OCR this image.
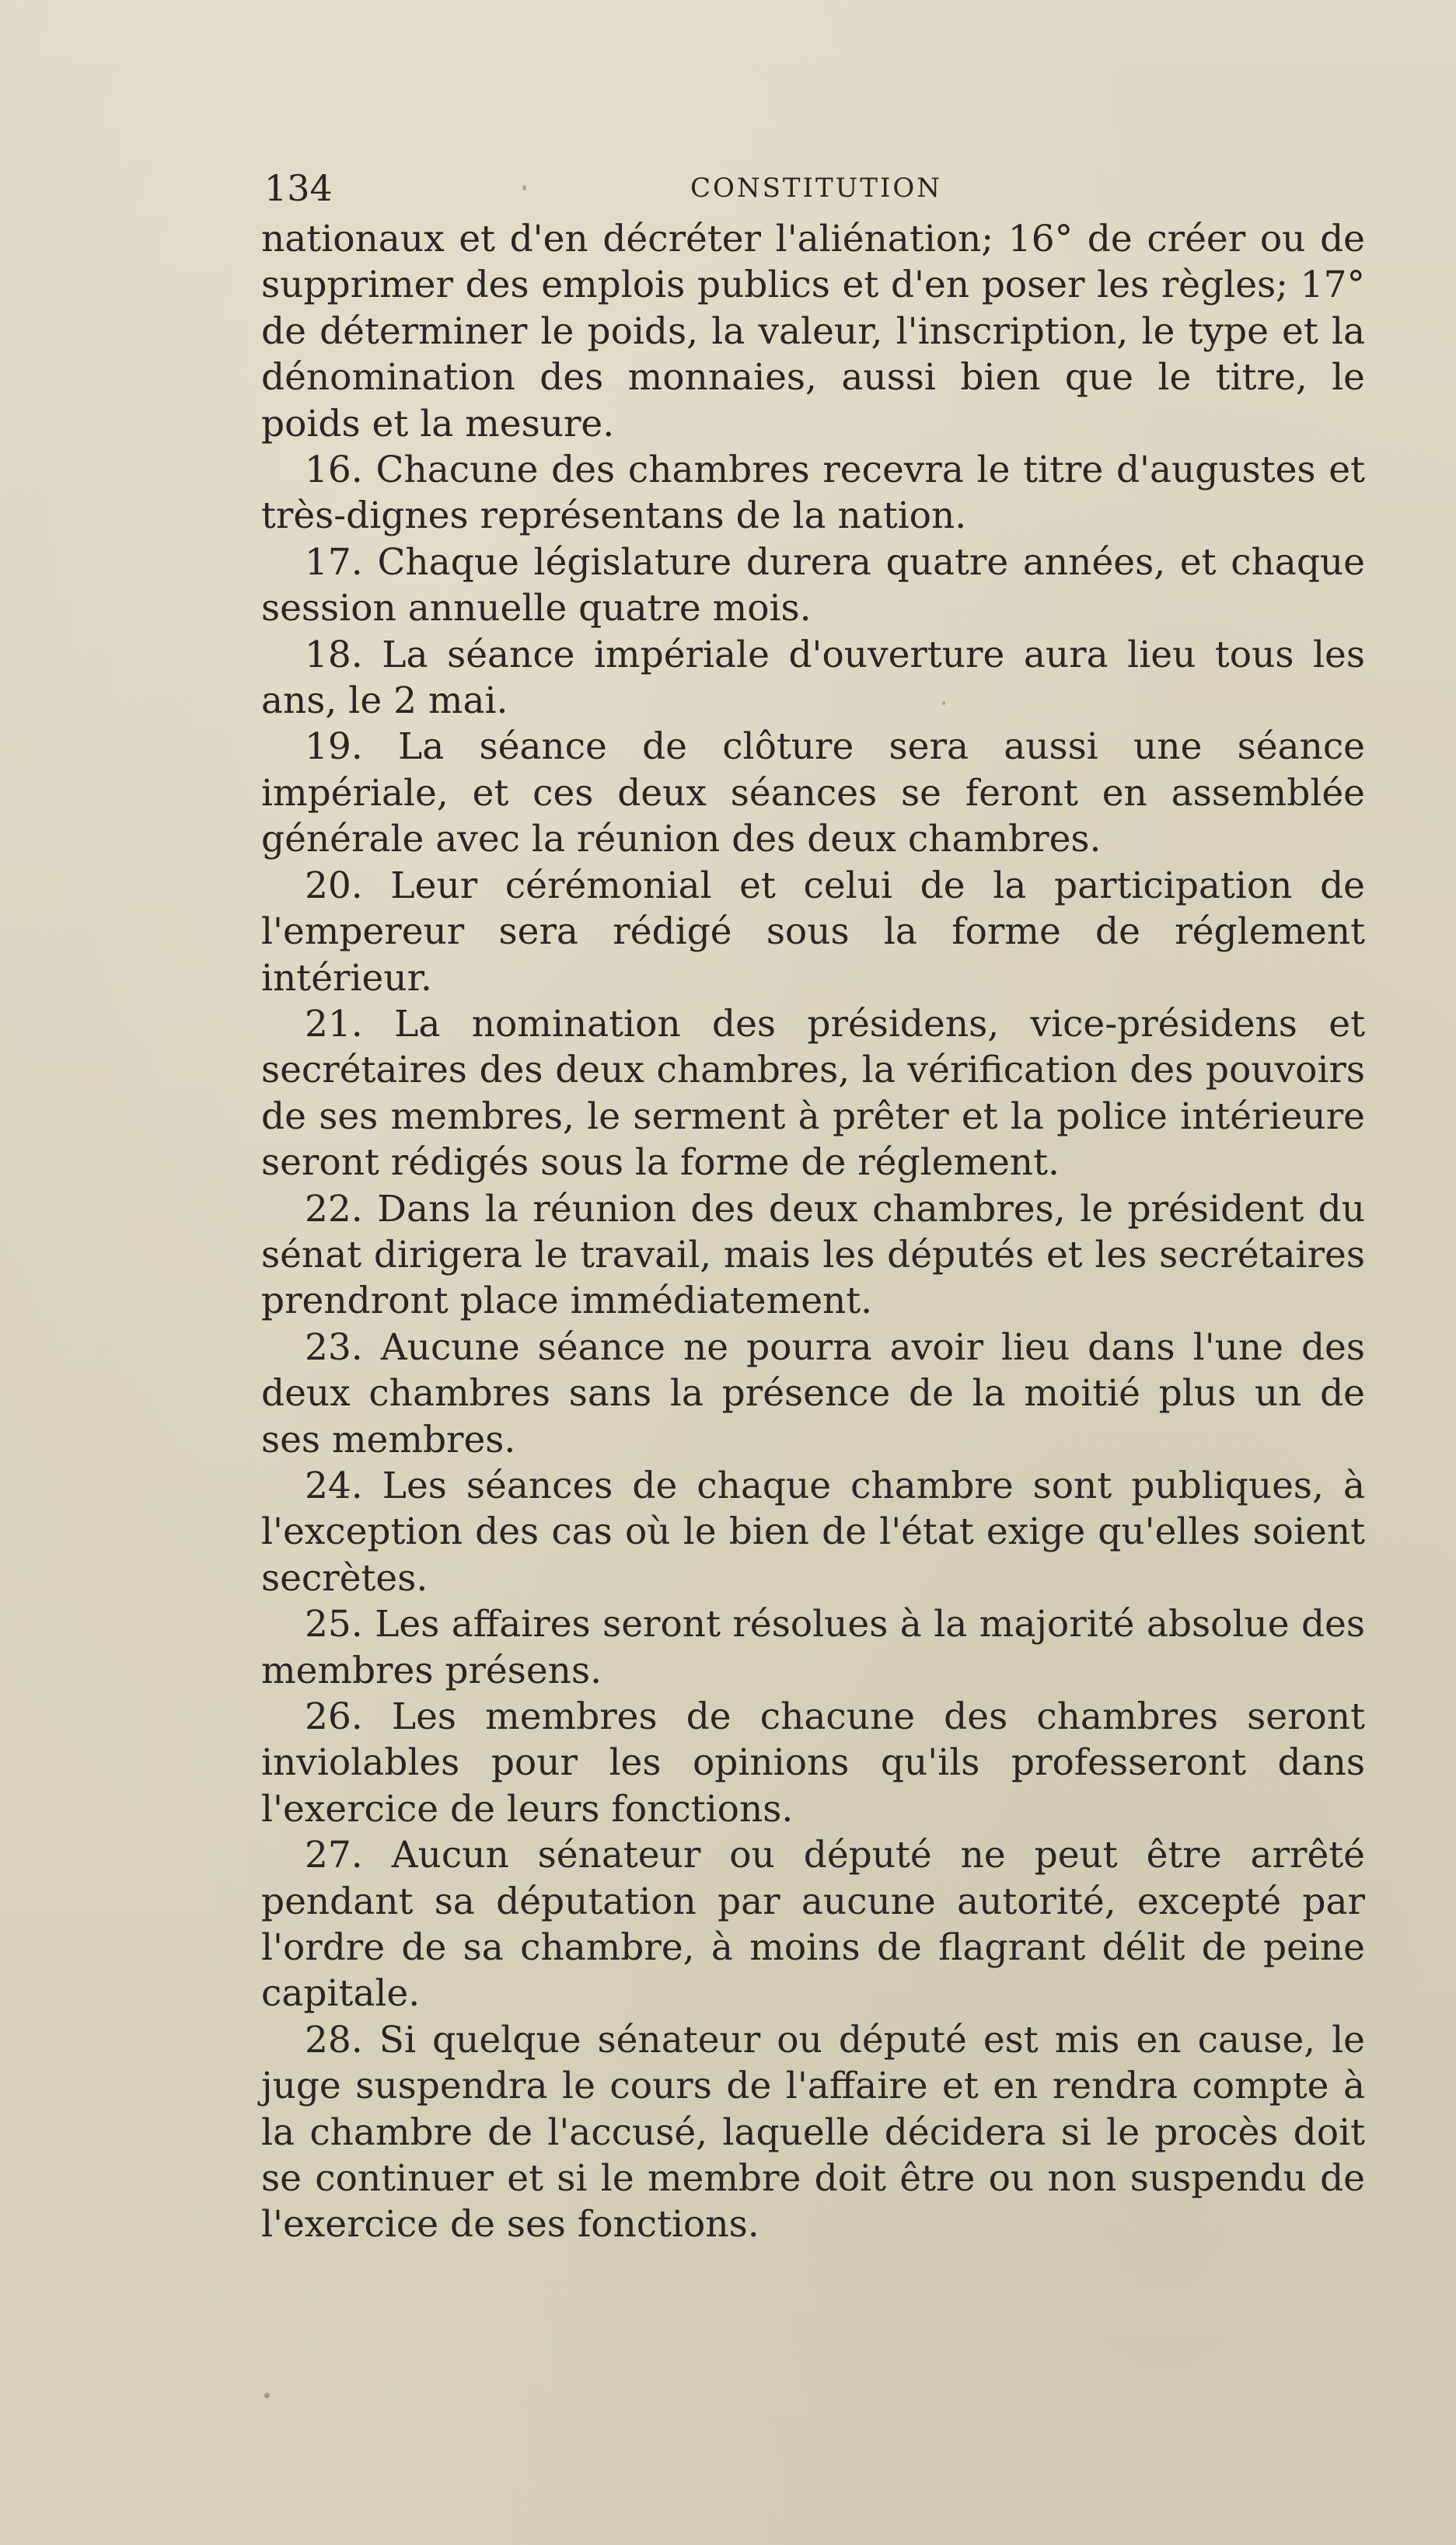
134	CONSTITUTION

nationaux et d'en décréter l'aliénation; 16° de créer ou de supprimer des emplois publics et d'en poser les règles; 17° de déterminer le poids, la valeur, l'inscription, le type et la dénomination des monnaies, aussi bien que le titre, le poids et la mesure.

16. Chacune des chambres recevra le titre d'augustes et très-dignes représentans de la nation.

17. Chaque législature durera quatre années, et chaque session annuelle quatre mois.

18. La séance impériale d'ouverture aura lieu tous les ans, le 2 mai.

19. La séance de clôture sera aussi une séance impériale, et ces deux séances se feront en assemblée générale avec la réunion des deux chambres.

20. Leur cérémonial et celui de la participation de l'empereur sera rédigé sous la forme de réglement intérieur.

21. La nomination des présidens, vice-présidens et secrétaires des deux chambres, la vérification des pouvoirs de ses membres, le serment à prêter et la police intérieure seront rédigés sous la forme de réglement.

22. Dans la réunion des deux chambres, le président du sénat dirigera le travail, mais les députés et les secrétaires prendront place immédiatement.

23. Aucune séance ne pourra avoir lieu dans l'une des deux chambres sans la présence de la moitié plus un de ses membres.

24. Les séances de chaque chambre sont publiques, à l'exception des cas où le bien de l'état exige qu'elles soient secrètes.

25. Les affaires seront résolues à la majorité absolue des membres présens.

26. Les membres de chacune des chambres seront inviolables pour les opinions qu'ils professeront dans l'exercice de leurs fonctions.

27. Aucun sénateur ou député ne peut être arrêté pendant sa députation par aucune autorité, excepté par l'ordre de sa chambre, à moins de flagrant délit de peine capitale.

28. Si quelque sénateur ou député est mis en cause, le juge suspendra le cours de l'affaire et en rendra compte à la chambre de l'accusé, laquelle décidera si le procès doit se continuer et si le membre doit être ou non suspendu de l'exercice de ses fonctions.
